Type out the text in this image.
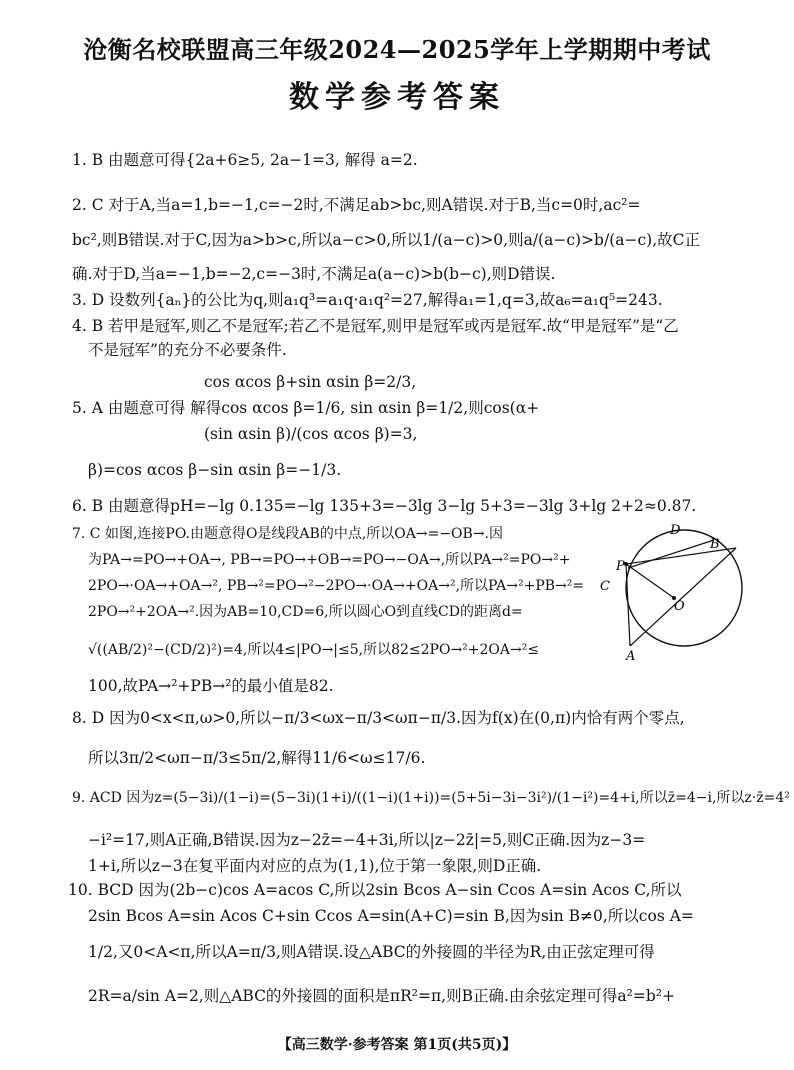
沧衡名校联盟高三年级2024—2025学年上学期期中考试
数学参考答案
1. B 由题意可得{2a+6≥5, 2a−1=3, 解得 a=2.
2. C 对于A,当a=1,b=−1,c=−2时,不满足ab>bc,则A错误.对于B,当c=0时,ac²=
bc²,则B错误.对于C,因为a>b>c,所以a−c>0,所以1/(a−c)>0,则a/(a−c)>b/(a−c),故C正
确.对于D,当a=−1,b=−2,c=−3时,不满足a(a−c)>b(b−c),则D错误.
3. D 设数列{aₙ}的公比为q,则a₁q³=a₁q·a₁q²=27,解得a₁=1,q=3,故a₆=a₁q⁵=243.
4. B 若甲是冠军,则乙不是冠军;若乙不是冠军,则甲是冠军或丙是冠军.故“甲是冠军”是“乙
不是冠军”的充分不必要条件.
cos αcos β+sin αsin β=2/3,
5. A 由题意可得 解得cos αcos β=1/6, sin αsin β=1/2,则cos(α+
(sin αsin β)/(cos αcos β)=3,
β)=cos αcos β−sin αsin β=−1/3.
6. B 由题意得pH=−lg 0.135=−lg 135+3=−3lg 3−lg 5+3=−3lg 3+lg 2+2≈0.87.
7. C 如图,连接PO.由题意得O是线段AB的中点,所以OA→=−OB→.因
为PA→=PO→+OA→, PB→=PO→+OB→=PO→−OA→,所以PA→²=PO→²+
2PO→·OA→+OA→², PB→²=PO→²−2PO→·OA→+OA→²,所以PA→²+PB→²=
2PO→²+2OA→².因为AB=10,CD=6,所以圆心O到直线CD的距离d=
√((AB/2)²−(CD/2)²)=4,所以4≤|PO→|≤5,所以82≤2PO→²+2OA→²≤
100,故PA→²+PB→²的最小值是82.
C
D
B
P
O
A
8. D 因为0<x<π,ω>0,所以−π/3<ωx−π/3<ωπ−π/3.因为f(x)在(0,π)内恰有两个零点,
所以3π/2<ωπ−π/3≤5π/2,解得11/6<ω≤17/6.
9. ACD 因为z=(5−3i)/(1−i)=(5−3i)(1+i)/((1−i)(1+i))=(5+5i−3i−3i²)/(1−i²)=4+i,所以z̄=4−i,所以z·z̄=4²
−i²=17,则A正确,B错误.因为z−2z̄=−4+3i,所以|z−2z̄|=5,则C正确.因为z−3=
1+i,所以z−3在复平面内对应的点为(1,1),位于第一象限,则D正确.
10. BCD 因为(2b−c)cos A=acos C,所以2sin Bcos A−sin Ccos A=sin Acos C,所以
2sin Bcos A=sin Acos C+sin Ccos A=sin(A+C)=sin B,因为sin B≠0,所以cos A=
1/2,又0<A<π,所以A=π/3,则A错误.设△ABC的外接圆的半径为R,由正弦定理可得
2R=a/sin A=2,则△ABC的外接圆的面积是πR²=π,则B正确.由余弦定理可得a²=b²+
【高三数学·参考答案 第1页(共5页)】
